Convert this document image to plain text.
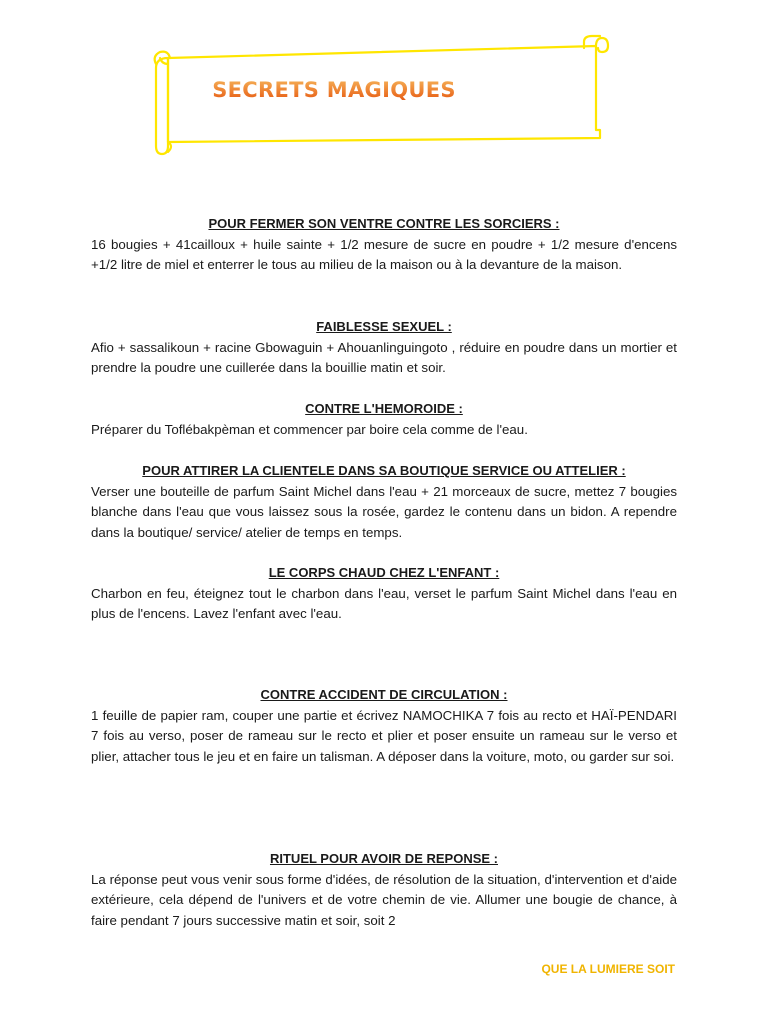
SECRETS MAGIQUES

POUR FERMER SON VENTRE CONTRE LES SORCIERS :

16 bougies + 41cailloux + huile sainte + 1/2 mesure de sucre en poudre + 1/2 mesure d'encens +1/2 litre de miel et enterrer le tous au milieu de la maison ou à la devanture de la maison.

FAIBLESSE SEXUEL :

Afio + sassalikoun + racine Gbowaguin + Ahouanlinguingoto , réduire en poudre dans un mortier et prendre la poudre une cuillerée dans la bouillie matin et soir.

CONTRE L'HEMOROIDE :

Préparer du Toflébakpèman et commencer par boire cela comme de l'eau.

POUR ATTIRER LA CLIENTELE DANS SA BOUTIQUE SERVICE OU ATTELIER :

Verser une bouteille de parfum Saint Michel dans l'eau + 21 morceaux de sucre, mettez 7 bougies blanche dans l'eau que vous laissez sous la rosée, gardez le contenu dans un bidon. A rependre dans la boutique/ service/ atelier de temps en temps.

LE CORPS CHAUD CHEZ L'ENFANT :

Charbon en feu, éteignez tout le charbon dans l'eau, verset le parfum Saint Michel dans l'eau en plus de l'encens. Lavez l'enfant avec l'eau.

CONTRE ACCIDENT DE CIRCULATION :

1 feuille de papier ram, couper une partie et écrivez NAMOCHIKA 7 fois au recto et HAÏ-PENDARI 7 fois au verso, poser de rameau sur le recto et plier et poser ensuite un rameau sur le verso et plier, attacher tous le jeu et en faire un talisman. A déposer dans la voiture, moto, ou garder sur soi.

RITUEL POUR AVOIR DE REPONSE :

La réponse peut vous venir sous forme d'idées, de résolution de la situation, d'intervention et d'aide extérieure, cela dépend de l'univers et de votre chemin de vie. Allumer une bougie de chance, à faire pendant 7 jours successive matin et soir, soit 2

QUE LA LUMIERE SOIT
